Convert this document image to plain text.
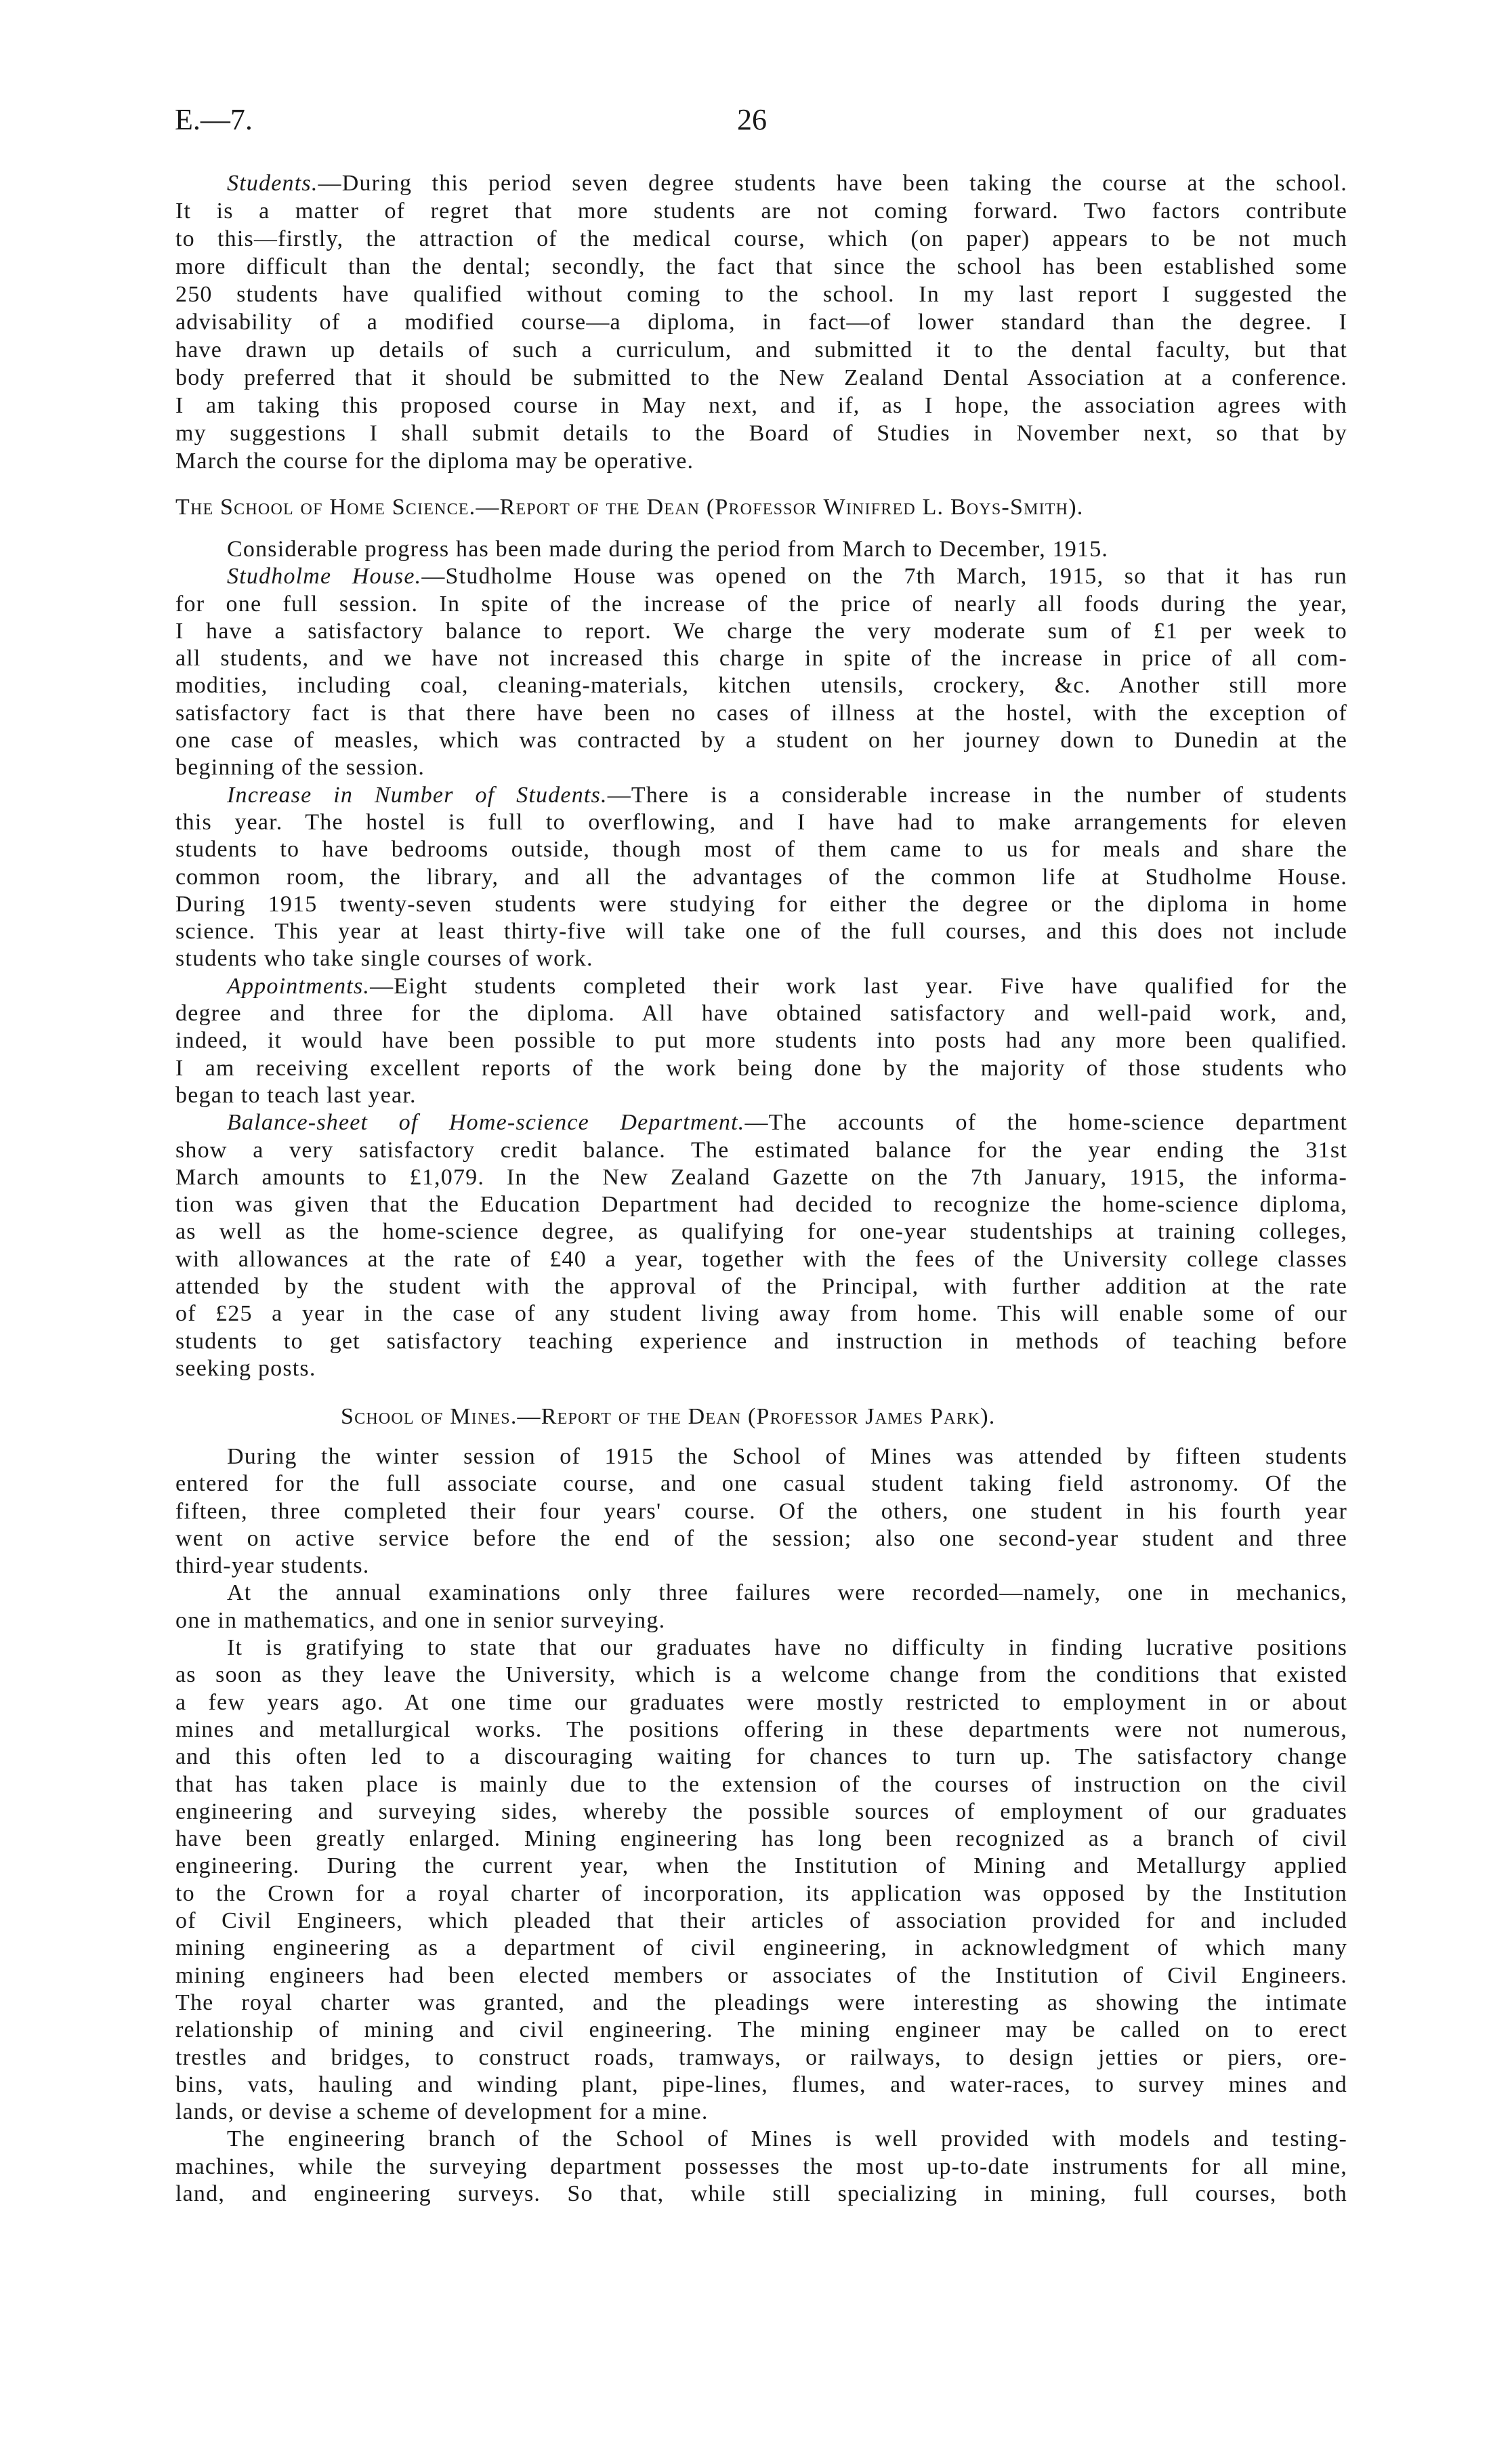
E.—7.	26
Students.—During this period seven degree students have been taking the course at the school.
It is a matter of regret that more students are not coming forward. Two factors contribute
to this—firstly, the attraction of the medical course, which (on paper) appears to be not much
more difficult than the dental; secondly, the fact that since the school has been established some
250 students have qualified without coming to the school. In my last report I suggested the
advisability of a modified course—a diploma, in fact—of lower standard than the degree. I
have drawn up details of such a curriculum, and submitted it to the dental faculty, but that
body preferred that it should be submitted to the New Zealand Dental Association at a conference.
I am taking this proposed course in May next, and if, as I hope, the association agrees with
my suggestions I shall submit details to the Board of Studies in November next, so that by
March the course for the diploma may be operative.
The School of Home Science.—Report of the Dean (Professor Winifred L. Boys-Smith).
Considerable progress has been made during the period from March to December, 1915.
Studholme House.—Studholme House was opened on the 7th March, 1915, so that it has run
for one full session. In spite of the increase of the price of nearly all foods during the year,
I have a satisfactory balance to report. We charge the very moderate sum of £1 per week to
all students, and we have not increased this charge in spite of the increase in price of all com-
modities, including coal, cleaning-materials, kitchen utensils, crockery, &c. Another still more
satisfactory fact is that there have been no cases of illness at the hostel, with the exception of
one case of measles, which was contracted by a student on her journey down to Dunedin at the
beginning of the session.
Increase in Number of Students.—There is a considerable increase in the number of students
this year. The hostel is full to overflowing, and I have had to make arrangements for eleven
students to have bedrooms outside, though most of them came to us for meals and share the
common room, the library, and all the advantages of the common life at Studholme House.
During 1915 twenty-seven students were studying for either the degree or the diploma in home
science. This year at least thirty-five will take one of the full courses, and this does not include
students who take single courses of work.
Appointments.—Eight students completed their work last year. Five have qualified for the
degree and three for the diploma. All have obtained satisfactory and well-paid work, and,
indeed, it would have been possible to put more students into posts had any more been qualified.
I am receiving excellent reports of the work being done by the majority of those students who
began to teach last year.
Balance-sheet of Home-science Department.—The accounts of the home-science department
show a very satisfactory credit balance. The estimated balance for the year ending the 31st
March amounts to £1,079. In the New Zealand Gazette on the 7th January, 1915, the informa-
tion was given that the Education Department had decided to recognize the home-science diploma,
as well as the home-science degree, as qualifying for one-year studentships at training colleges,
with allowances at the rate of £40 a year, together with the fees of the University college classes
attended by the student with the approval of the Principal, with further addition at the rate
of £25 a year in the case of any student living away from home. This will enable some of our
students to get satisfactory teaching experience and instruction in methods of teaching before
seeking posts.
School of Mines.—Report of the Dean (Professor James Park).
During the winter session of 1915 the School of Mines was attended by fifteen students
entered for the full associate course, and one casual student taking field astronomy. Of the
fifteen, three completed their four years' course. Of the others, one student in his fourth year
went on active service before the end of the session; also one second-year student and three
third-year students.
At the annual examinations only three failures were recorded—namely, one in mechanics,
one in mathematics, and one in senior surveying.
It is gratifying to state that our graduates have no difficulty in finding lucrative positions
as soon as they leave the University, which is a welcome change from the conditions that existed
a few years ago. At one time our graduates were mostly restricted to employment in or about
mines and metallurgical works. The positions offering in these departments were not numerous,
and this often led to a discouraging waiting for chances to turn up. The satisfactory change
that has taken place is mainly due to the extension of the courses of instruction on the civil
engineering and surveying sides, whereby the possible sources of employment of our graduates
have been greatly enlarged. Mining engineering has long been recognized as a branch of civil
engineering. During the current year, when the Institution of Mining and Metallurgy applied
to the Crown for a royal charter of incorporation, its application was opposed by the Institution
of Civil Engineers, which pleaded that their articles of association provided for and included
mining engineering as a department of civil engineering, in acknowledgment of which many
mining engineers had been elected members or associates of the Institution of Civil Engineers.
The royal charter was granted, and the pleadings were interesting as showing the intimate
relationship of mining and civil engineering. The mining engineer may be called on to erect
trestles and bridges, to construct roads, tramways, or railways, to design jetties or piers, ore-
bins, vats, hauling and winding plant, pipe-lines, flumes, and water-races, to survey mines and
lands, or devise a scheme of development for a mine.
The engineering branch of the School of Mines is well provided with models and testing-
machines, while the surveying department possesses the most up-to-date instruments for all mine,
land, and engineering surveys. So that, while still specializing in mining, full courses, both
